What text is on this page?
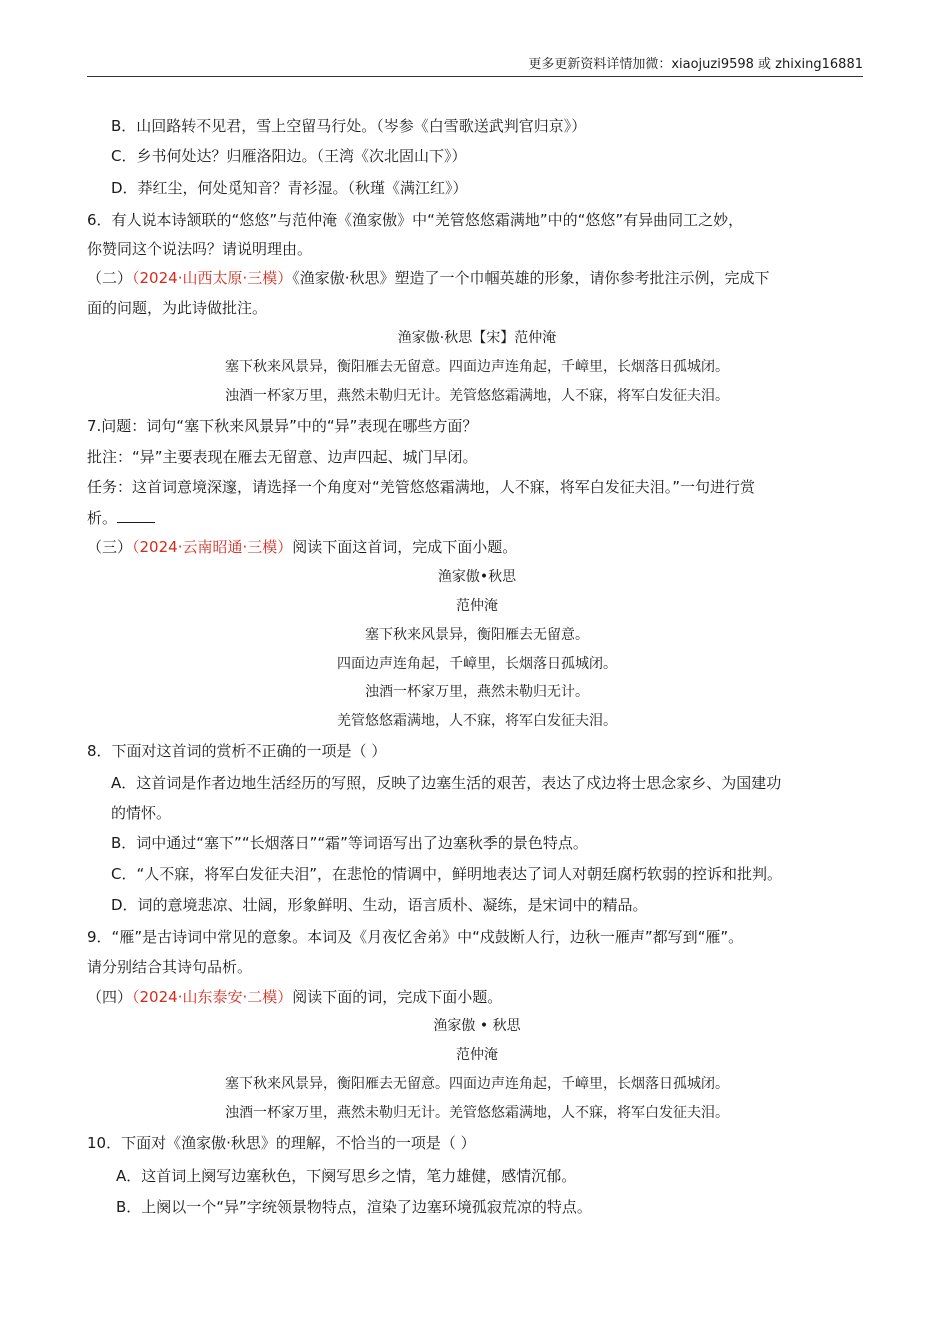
更多更新资料详情加微：xiaojuzi9598 或 zhixing16881
B．山回路转不见君，雪上空留马行处。（岑参《白雪歌送武判官归京》）
C．乡书何处达？归雁洛阳边。（王湾《次北固山下》）
D．莽红尘，何处觅知音？青衫湿。（秋瑾《满江红》）
6．有人说本诗颔联的“悠悠”与范仲淹《渔家傲》中“羌管悠悠霜满地”中的“悠悠”有异曲同工之妙，
你赞同这个说法吗？请说明理由。
（二）（2024·山西太原·三模）《渔家傲·秋思》塑造了一个巾帼英雄的形象，请你参考批注示例，完成下
面的问题，为此诗做批注。
渔家傲·秋思【宋】范仲淹
塞下秋来风景异，衡阳雁去无留意。四面边声连角起，千嶂里，长烟落日孤城闭。
浊酒一杯家万里，燕然未勒归无计。羌管悠悠霜满地，人不寐，将军白发征夫泪。
7.问题：词句“塞下秋来风景异”中的“异”表现在哪些方面？
批注：“异”主要表现在雁去无留意、边声四起、城门早闭。
任务：这首词意境深邃，请选择一个角度对“羌管悠悠霜满地，人不寐，将军白发征夫泪。”一句进行赏
析。
（三）（2024·云南昭通·三模）阅读下面这首词，完成下面小题。
渔家傲•秋思
范仲淹
塞下秋来风景异，衡阳雁去无留意。
四面边声连角起，千嶂里，长烟落日孤城闭。
浊酒一杯家万里，燕然未勒归无计。
羌管悠悠霜满地，人不寐，将军白发征夫泪。
8．下面对这首词的赏析不正确的一项是（ ）
A．这首词是作者边地生活经历的写照，反映了边塞生活的艰苦，表达了戍边将士思念家乡、为国建功
的情怀。
B．词中通过“塞下”“长烟落日”“霜”等词语写出了边塞秋季的景色特点。
C．“人不寐，将军白发征夫泪”，在悲怆的情调中，鲜明地表达了词人对朝廷腐朽软弱的控诉和批判。
D．词的意境悲凉、壮阔，形象鲜明、生动，语言质朴、凝练，是宋词中的精品。
9．“雁”是古诗词中常见的意象。本词及《月夜忆舍弟》中“戍鼓断人行，边秋一雁声”都写到“雁”。
请分别结合其诗句品析。
（四）（2024·山东泰安·二模）阅读下面的词，完成下面小题。
渔家傲 • 秋思
范仲淹
塞下秋来风景异，衡阳雁去无留意。四面边声连角起，千嶂里，长烟落日孤城闭。
浊酒一杯家万里，燕然未勒归无计。羌管悠悠霜满地，人不寐，将军白发征夫泪。
10．下面对《渔家傲·秋思》的理解，不恰当的一项是（ ）
A．这首词上阕写边塞秋色，下阕写思乡之情，笔力雄健，感情沉郁。
B．上阕以一个“异”字统领景物特点，渲染了边塞环境孤寂荒凉的特点。
